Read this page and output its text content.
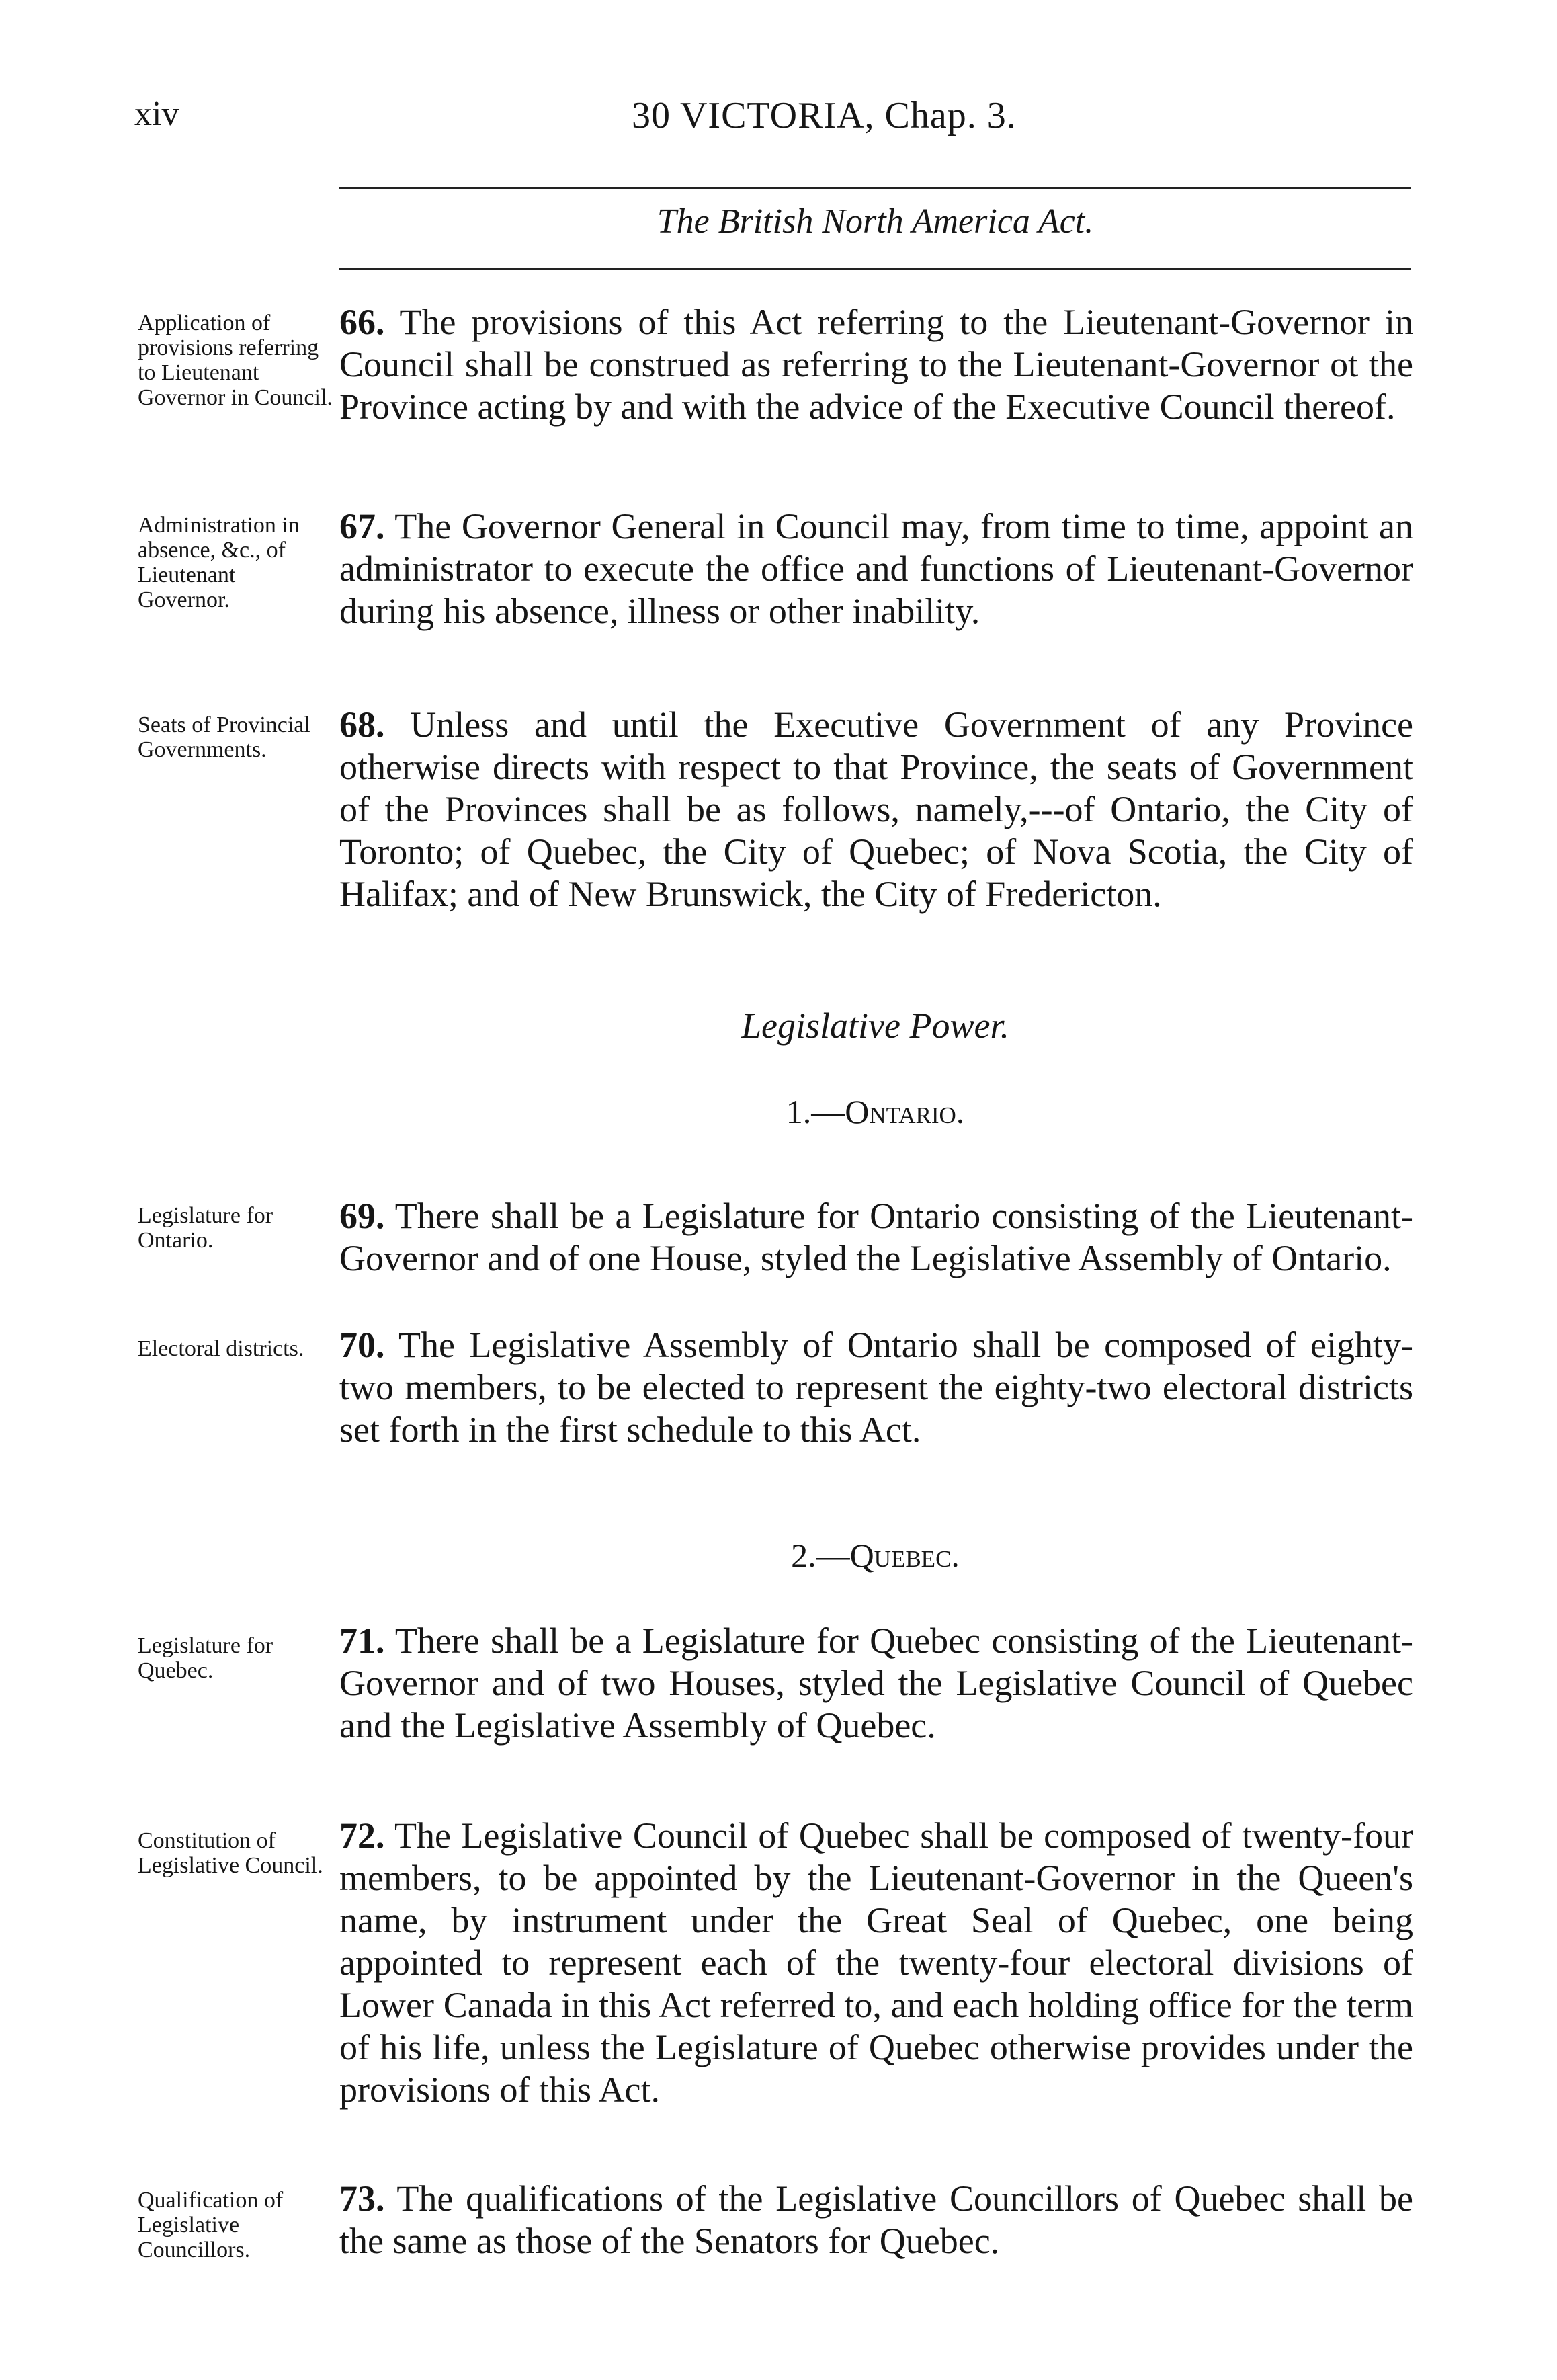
xiv	30 VICTORIA, Chap. 3.
The British North America Act.
Application of provisions referring to Lieutenant Governor in Council.
66. The provisions of this Act referring to the Lieutenant-Governor in Council shall be construed as referring to the Lieutenant-Governor ot the Province acting by and with the advice of the Executive Council thereof.
Administration in absence, &c., of Lieutenant Governor.
67. The Governor General in Council may, from time to time, appoint an administrator to execute the office and functions of Lieutenant-Governor during his absence, illness or other inability.
Seats of Provincial Governments.
68. Unless and until the Executive Government of any Province otherwise directs with respect to that Province, the seats of Government of the Provinces shall be as follows, namely,---of Ontario, the City of Toronto; of Quebec, the City of Quebec; of Nova Scotia, the City of Halifax; and of New Brunswick, the City of Fredericton.
Legislative Power.
1.—Ontario.
Legislature for Ontario.
69. There shall be a Legislature for Ontario consisting of the Lieutenant-Governor and of one House, styled the Legislative Assembly of Ontario.
Electoral districts. 70. The Legislative Assembly of Ontario shall be composed of eighty-two members, to be elected to represent the eighty-two electoral districts set forth in the first schedule to this Act.
2.—Quebec.
Legislature for Quebec.
71. There shall be a Legislature for Quebec consisting of the Lieutenant-Governor and of two Houses, styled the Legislative Council of Quebec and the Legislative Assembly of Quebec.
Constitution of Legislative Council.
72. The Legislative Council of Quebec shall be composed of twenty-four members, to be appointed by the Lieutenant-Governor in the Queen's name, by instrument under the Great Seal of Quebec, one being appointed to represent each of the twenty-four electoral divisions of Lower Canada in this Act referred to, and each holding office for the term of his life, unless the Legislature of Quebec otherwise provides under the provisions of this Act.
Qualification of Legislative Councillors.
73. The qualifications of the Legislative Councillors of Quebec shall be the same as those of the Senators for Quebec.
